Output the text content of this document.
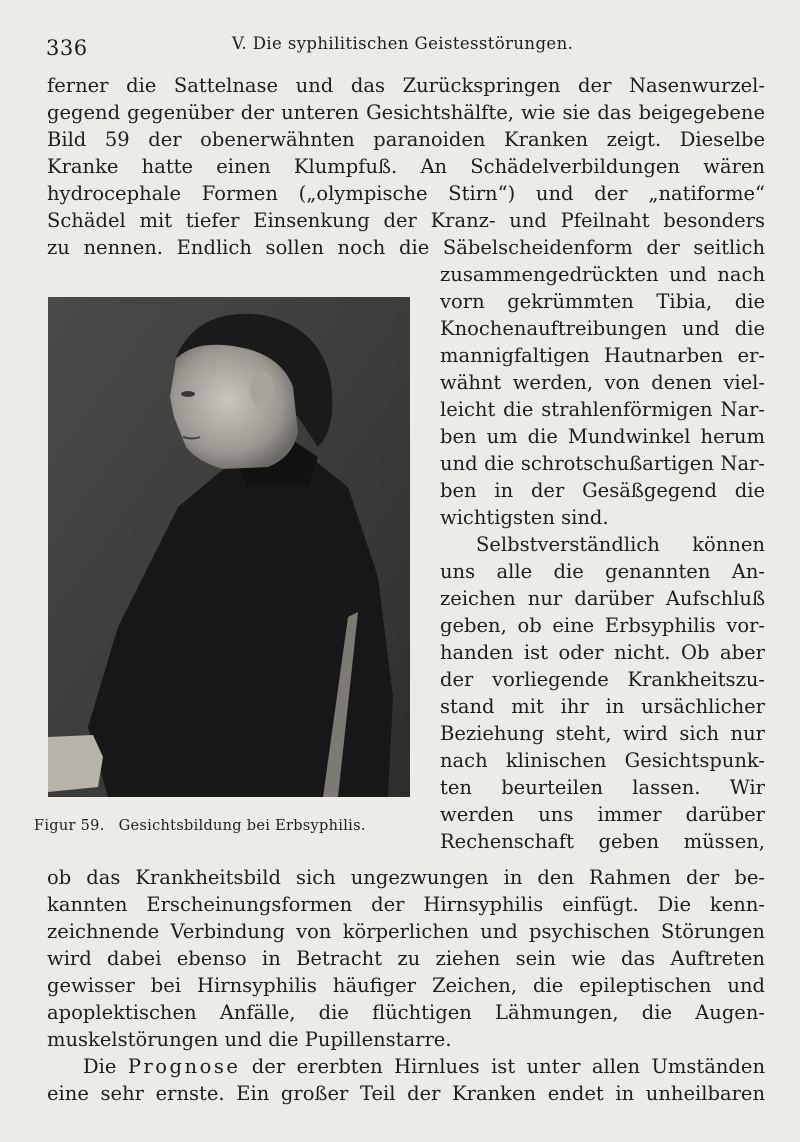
336	V. Die syphilitischen Geistesstörungen.
ferner die Sattelnase und das Zurückspringen der Nasenwurzel-
gegend gegenüber der unteren Gesichtshälfte, wie sie das beigegebene
Bild 59 der obenerwähnten paranoiden Kranken zeigt. Dieselbe
Kranke hatte einen Klumpfuß. An Schädelverbildungen wären
hydrocephale Formen („olympische Stirn“) und der „natiforme“
Schädel mit tiefer Einsenkung der Kranz- und Pfeilnaht besonders
zu nennen. Endlich sollen noch die Säbelscheidenform der seitlich
zusammengedrückten und nach
vorn gekrümmten Tibia, die
Knochenauftreibungen und die
mannigfaltigen Hautnarben er-
wähnt werden, von denen viel-
leicht die strahlenförmigen Nar-
ben um die Mundwinkel herum
und die schrotschußartigen Nar-
ben in der Gesäßgegend die
wichtigsten sind.
Selbstverständlich können
uns alle die genannten An-
zeichen nur darüber Aufschluß
geben, ob eine Erbsyphilis vor-
handen ist oder nicht. Ob aber
der vorliegende Krankheitszu-
stand mit ihr in ursächlicher
Beziehung steht, wird sich nur
nach klinischen Gesichtspunk-
ten beurteilen lassen. Wir
werden uns immer darüber
Rechenschaft geben müssen,
Figur 59. Gesichtsbildung bei Erbsyphilis.
ob das Krankheitsbild sich ungezwungen in den Rahmen der be-
kannten Erscheinungsformen der Hirnsyphilis einfügt. Die kenn-
zeichnende Verbindung von körperlichen und psychischen Störungen
wird dabei ebenso in Betracht zu ziehen sein wie das Auftreten
gewisser bei Hirnsyphilis häufiger Zeichen, die epileptischen und
apoplektischen Anfälle, die flüchtigen Lähmungen, die Augen-
muskelstörungen und die Pupillenstarre.
Die Prognose der ererbten Hirnlues ist unter allen Umständen
eine sehr ernste. Ein großer Teil der Kranken endet in unheilbaren
